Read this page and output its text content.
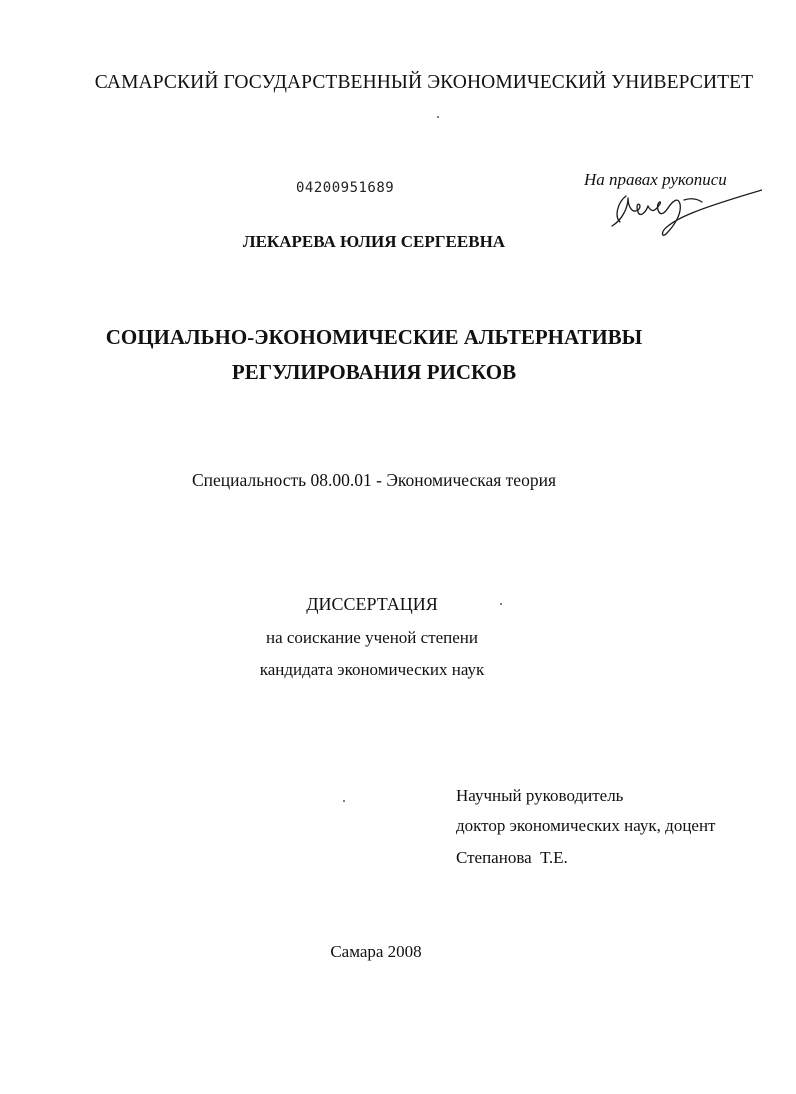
САМАРСКИЙ ГОСУДАРСТВЕННЫЙ ЭКОНОМИЧЕСКИЙ УНИВЕРСИТЕТ
04200951689	На правах рукописи
ЛЕКАРЕВА ЮЛИЯ СЕРГЕЕВНА
СОЦИАЛЬНО-ЭКОНОМИЧЕСКИЕ АЛЬТЕРНАТИВЫ
РЕГУЛИРОВАНИЯ РИСКОВ
Специальность 08.00.01 - Экономическая теория
ДИССЕРТАЦИЯ
на соискание ученой степени
кандидата экономических наук
Научный руководитель
доктор экономических наук, доцент
Степанова  Т.Е.
Самара 2008
